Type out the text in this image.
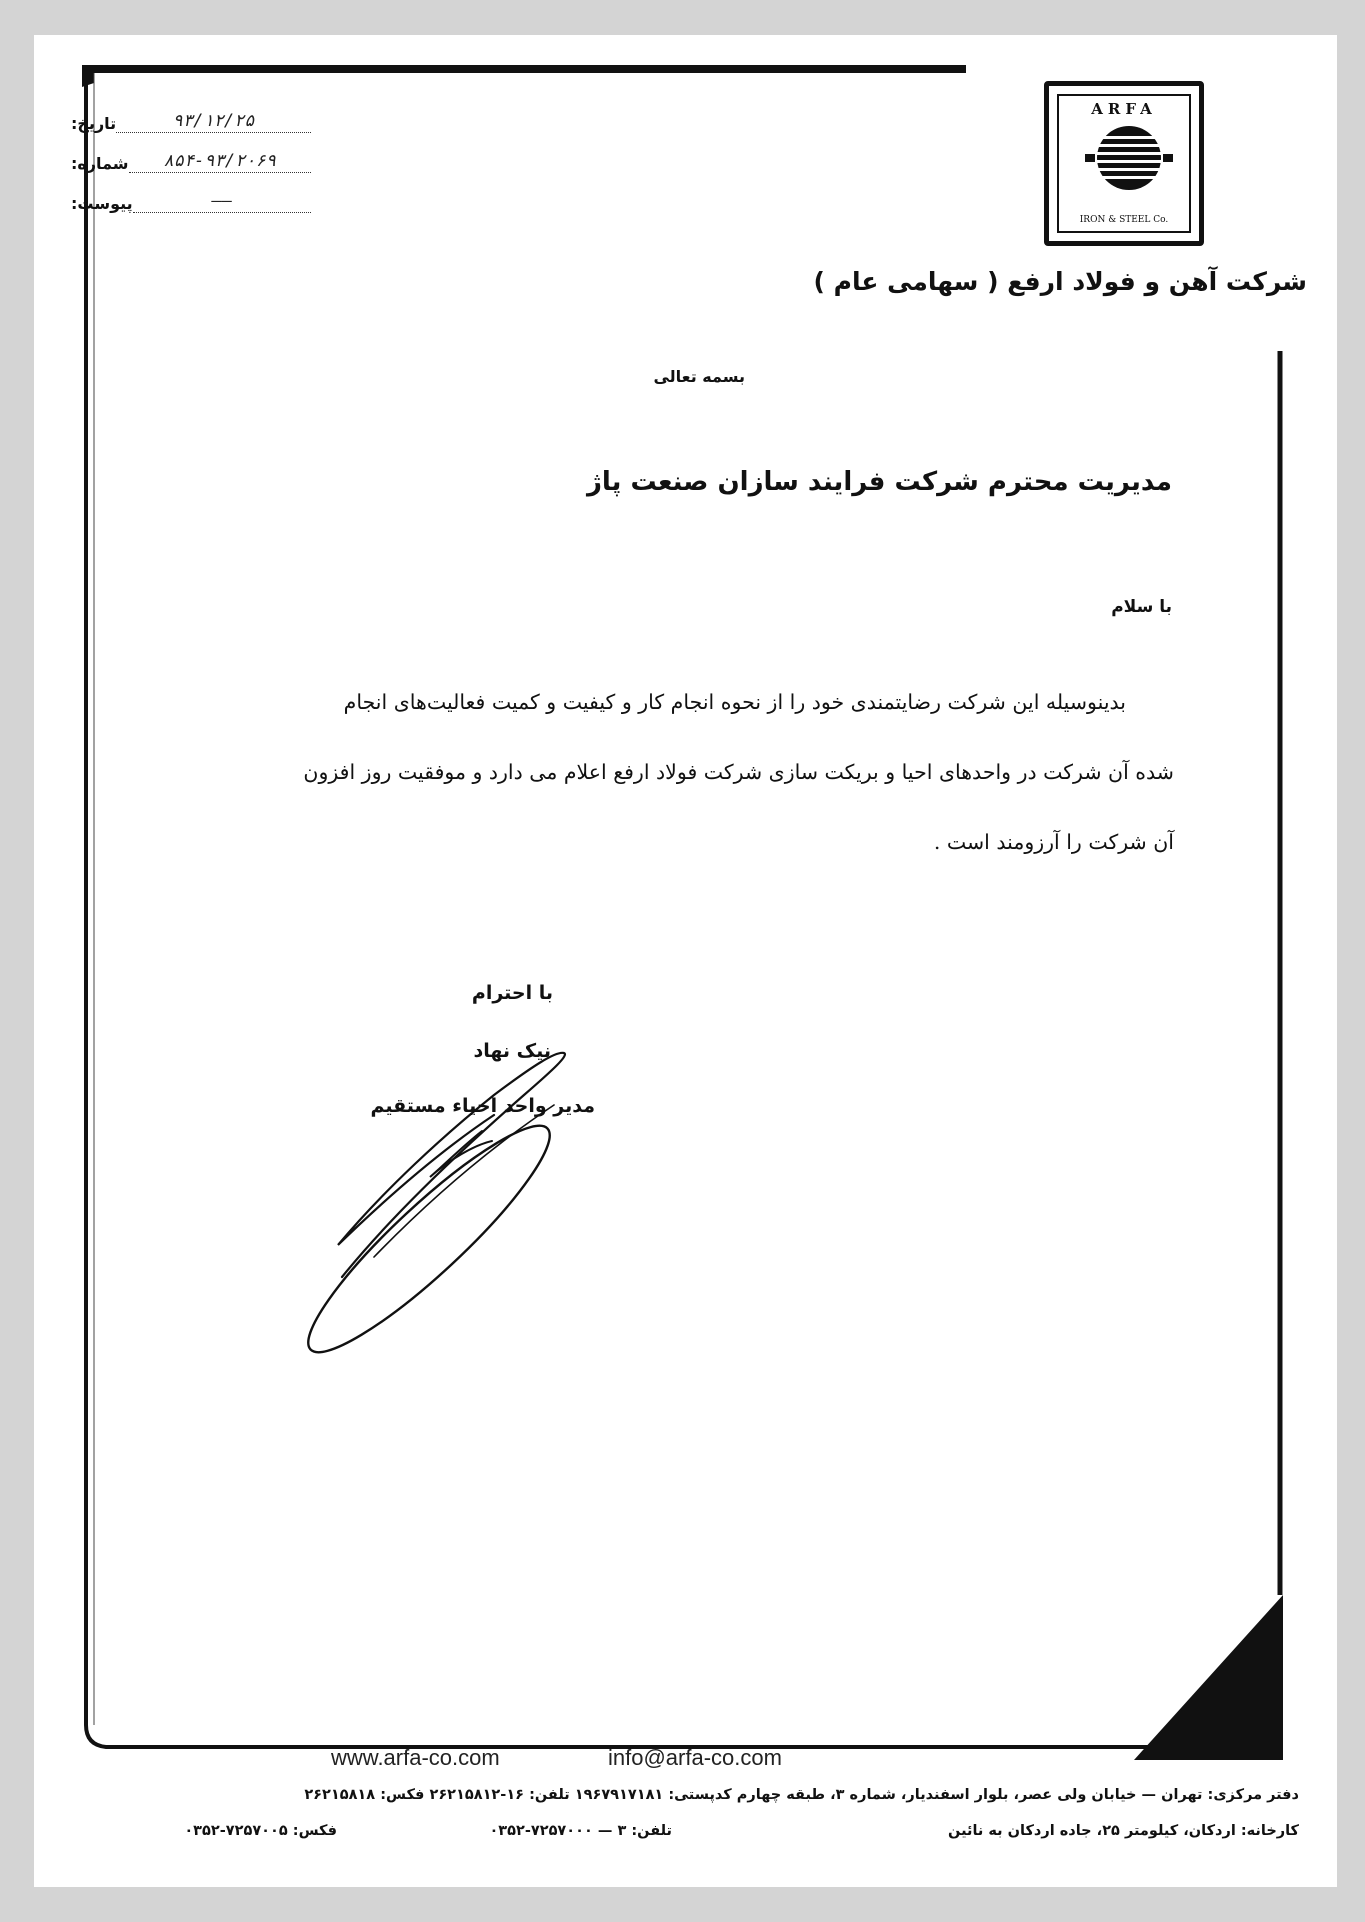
تاریخ:	۹۳/۱۲/۲۵
شماره:	۸۵۴-۹۳/۲۰۶۹
پیوست:	——
ARFA
IRON & STEEL Co.
شرکت آهن و فولاد ارفع ( سهامی عام )
بسمه تعالی
مدیریت محترم شرکت فرایند سازان صنعت پاژ
با سلام
بدینوسیله این شرکت رضایتمندی خود را از نحوه انجام کار و کیفیت و کمیت فعالیت‌های انجام
شده آن شرکت در واحدهای احیا و بریکت سازی شرکت فولاد ارفع اعلام می دارد و موفقیت روز افزون
آن شرکت را آرزومند است .
با احترام
نیک نهاد
مدیر واحد احیاء مستقیم
www.arfa-co.com	info@arfa-co.com
دفتر مرکزی: تهران — خیابان ولی عصر، بلوار اسفندیار، شماره ۳، طبقه چهارم کدپستی: ۱۹۶۷۹۱۷۱۸۱ تلفن: ۱۶-۲۶۲۱۵۸۱۲ فکس: ۲۶۲۱۵۸۱۸
کارخانه: اردکان، کیلومتر ۲۵، جاده اردکان به نائین
تلفن: ۳ — ۷۲۵۷۰۰۰-۰۳۵۲
فکس: ۷۲۵۷۰۰۵-۰۳۵۲
